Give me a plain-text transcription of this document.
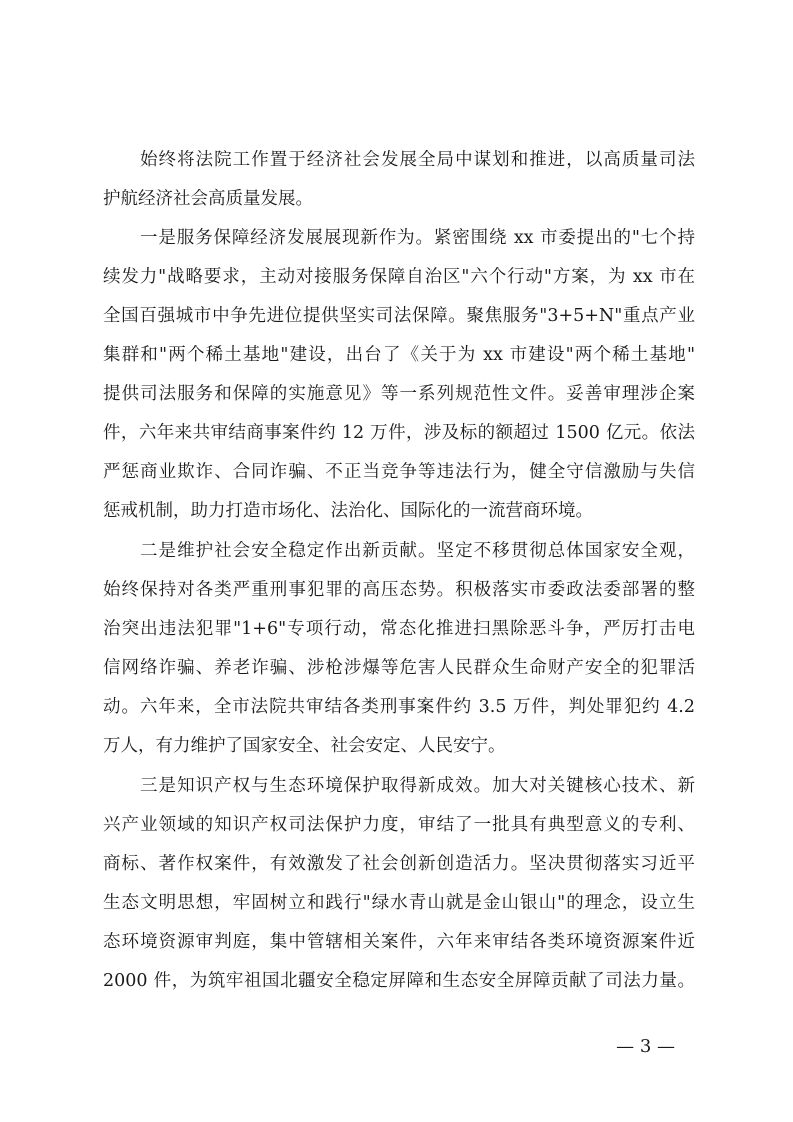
始终将法院工作置于经济社会发展全局中谋划和推进，以高质量司法
护航经济社会高质量发展。
一是服务保障经济发展展现新作为。紧密围绕 xx 市委提出的"七个持
续发力"战略要求，主动对接服务保障自治区"六个行动"方案，为 xx 市在
全国百强城市中争先进位提供坚实司法保障。聚焦服务"3+5+N"重点产业
集群和"两个稀土基地"建设，出台了《关于为 xx 市建设"两个稀土基地"
提供司法服务和保障的实施意见》等一系列规范性文件。妥善审理涉企案
件，六年来共审结商事案件约 12 万件，涉及标的额超过 1500 亿元。依法
严惩商业欺诈、合同诈骗、不正当竞争等违法行为，健全守信激励与失信
惩戒机制，助力打造市场化、法治化、国际化的一流营商环境。
二是维护社会安全稳定作出新贡献。坚定不移贯彻总体国家安全观，
始终保持对各类严重刑事犯罪的高压态势。积极落实市委政法委部署的整
治突出违法犯罪"1+6"专项行动，常态化推进扫黑除恶斗争，严厉打击电
信网络诈骗、养老诈骗、涉枪涉爆等危害人民群众生命财产安全的犯罪活
动。六年来，全市法院共审结各类刑事案件约 3.5 万件，判处罪犯约 4.2
万人，有力维护了国家安全、社会安定、人民安宁。
三是知识产权与生态环境保护取得新成效。加大对关键核心技术、新
兴产业领域的知识产权司法保护力度，审结了一批具有典型意义的专利、
商标、著作权案件，有效激发了社会创新创造活力。坚决贯彻落实习近平
生态文明思想，牢固树立和践行"绿水青山就是金山银山"的理念，设立生
态环境资源审判庭，集中管辖相关案件，六年来审结各类环境资源案件近
2000 件，为筑牢祖国北疆安全稳定屏障和生态安全屏障贡献了司法力量。
— 3 —
